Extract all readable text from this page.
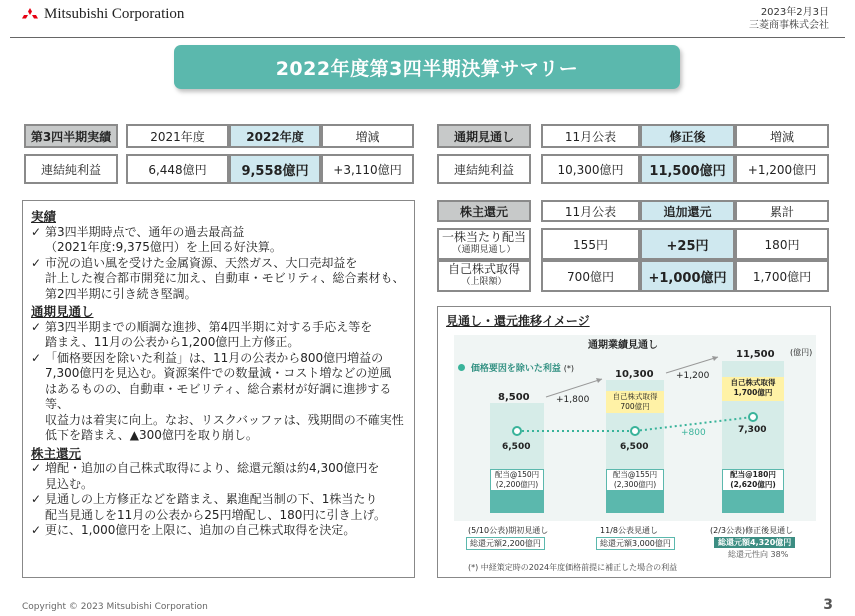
Mitsubishi Corporation	2023年2月3日
三菱商事株式会社
2022年度第3四半期決算サマリー
第3四半期実績	2021年度	2022年度	増減
連結純利益	6,448億円	9,558億円	+3,110億円
通期見通し	11月公表	修正後	増減
連結純利益	10,300億円	11,500億円	+1,200億円
株主還元	11月公表	追加還元	累計
一株当たり配当
（通期見通し）	155円	+25円	180円
自己株式取得
（上限額）	700億円	+1,000億円	1,700億円
実績
✓ 第3四半期時点で、通年の過去最高益
（2021年度:9,375億円）を上回る好決算。
✓ 市況の追い風を受けた金属資源、天然ガス、大口売却益を
計上した複合都市開発に加え、自動車・モビリティ、総合素材も、
第2四半期に引き続き堅調。
通期見通し
✓ 第3四半期までの順調な進捗、第4四半期に対する手応え等を
踏まえ、11月の公表から1,200億円上方修正。
✓ 「価格要因を除いた利益」は、11月の公表から800億円増益の
7,300億円を見込む。資源案件での数量減・コスト増などの逆風
はあるものの、自動車・モビリティ、総合素材が好調に進捗する等、
収益力は着実に向上。なお、リスクバッファは、残期間の不確実性
低下を踏まえ、▲300億円を取り崩し。
株主還元
✓ 増配・追加の自己株式取得により、総還元額は約4,300億円を
見込む。
✓ 見通しの上方修正などを踏まえ、累進配当制の下、1株当たり
配当見通しを11月の公表から25円増配し、180円に引き上げ。
✓ 更に、1,000億円を上限に、追加の自己株式取得を決定。
見通し・還元推移イメージ
通期業績見通し
(億円)
価格要因を除いた利益 (*)
8,500
6,500
配当@150円
(2,200億円)
10,300
自己株式取得
700億円
6,500
配当@155円
(2,300億円)
11,500
自己株式取得
1,700億円
7,300
配当@180円
(2,620億円)
+1,800
+1,200
+800
(5/10公表)期初見通し	11/8公表見通し	(2/3公表)修正後見通し
総還元額2,200億円	総還元額3,000億円	総還元額4,320億円
総還元性向 38%
(*) 中経策定時の2024年度価格前提に補正した場合の利益
Copyright © 2023 Mitsubishi Corporation	3
